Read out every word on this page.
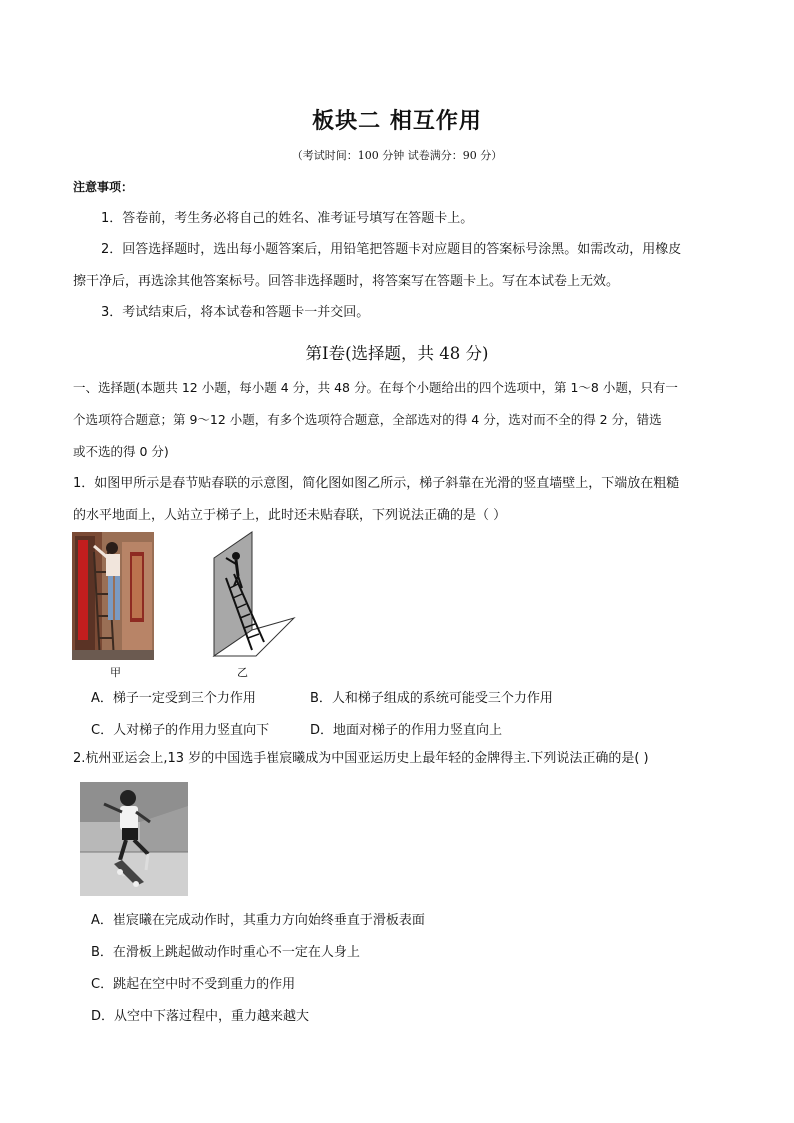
板块二 相互作用
（考试时间：100 分钟 试卷满分：90 分）
注意事项：
1．答卷前，考生务必将自己的姓名、准考证号填写在答题卡上。
2．回答选择题时，选出每小题答案后，用铅笔把答题卡对应题目的答案标号涂黑。如需改动，用橡皮
擦干净后，再选涂其他答案标号。回答非选择题时，将答案写在答题卡上。写在本试卷上无效。
3．考试结束后，将本试卷和答题卡一并交回。
第Ⅰ卷(选择题，共 48 分)
一、选择题(本题共 12 小题，每小题 4 分，共 48 分。在每个小题给出的四个选项中，第 1～8 小题，只有一
个选项符合题意；第 9～12 小题，有多个选项符合题意，全部选对的得 4 分，选对而不全的得 2 分，错选
或不选的得 0 分)
1．如图甲所示是春节贴春联的示意图，简化图如图乙所示，梯子斜靠在光滑的竖直墙壁上，下端放在粗糙
的水平地面上，人站立于梯子上，此时还未贴春联，下列说法正确的是（ ）
甲	乙
A．梯子一定受到三个力作用	B．人和梯子组成的系统可能受三个力作用
C．人对梯子的作用力竖直向下	D．地面对梯子的作用力竖直向上
2.杭州亚运会上,13 岁的中国选手崔宸曦成为中国亚运历史上最年轻的金牌得主.下列说法正确的是( )
A．崔宸曦在完成动作时，其重力方向始终垂直于滑板表面
B．在滑板上跳起做动作时重心不一定在人身上
C．跳起在空中时不受到重力的作用
D．从空中下落过程中，重力越来越大
